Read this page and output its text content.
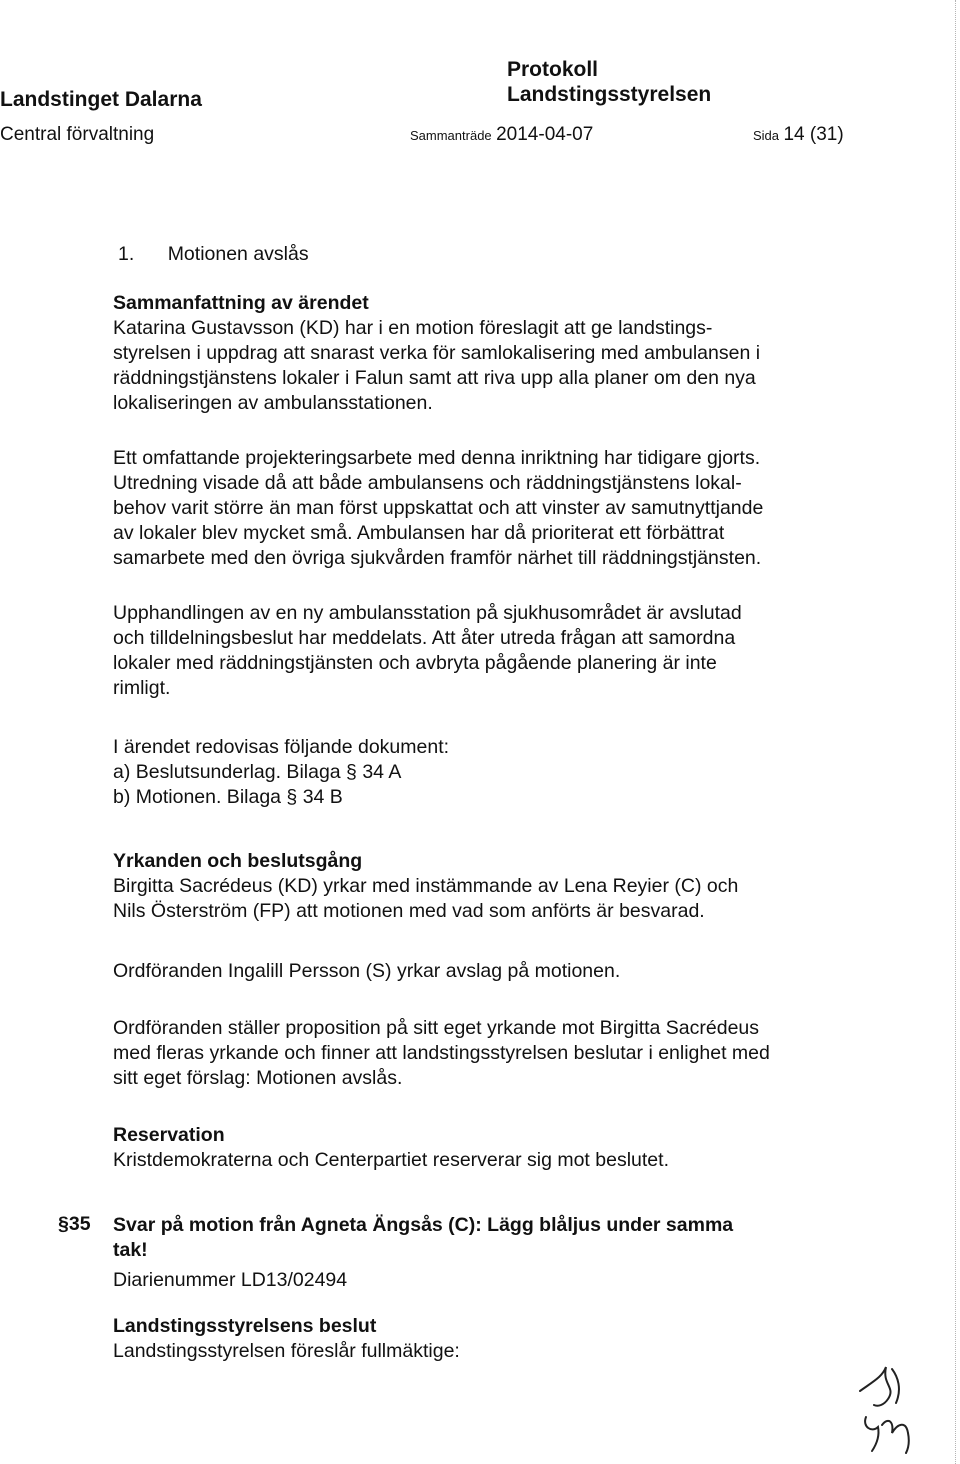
Landstinget Dalarna
Central förvaltning
Protokoll
Landstingsstyrelsen
Sammanträde 2014-04-07	Sida 14 (31)
1. Motionen avslås
Sammanfattning av ärendet
Katarina Gustavsson (KD) har i en motion föreslagit att ge landstings-
styrelsen i uppdrag att snarast verka för samlokalisering med ambulansen i
räddningstjänstens lokaler i Falun samt att riva upp alla planer om den nya
lokaliseringen av ambulansstationen.
Ett omfattande projekteringsarbete med denna inriktning har tidigare gjorts.
Utredning visade då att både ambulansens och räddningstjänstens lokal-
behov varit större än man först uppskattat och att vinster av samutnyttjande
av lokaler blev mycket små. Ambulansen har då prioriterat ett förbättrat
samarbete med den övriga sjukvården framför närhet till räddningstjänsten.
Upphandlingen av en ny ambulansstation på sjukhusområdet är avslutad
och tilldelningsbeslut har meddelats. Att åter utreda frågan att samordna
lokaler med räddningstjänsten och avbryta pågående planering är inte
rimligt.
I ärendet redovisas följande dokument:
a) Beslutsunderlag. Bilaga § 34 A
b) Motionen. Bilaga § 34 B
Yrkanden och beslutsgång
Birgitta Sacrédeus (KD) yrkar med instämmande av Lena Reyier (C) och
Nils Österström (FP) att motionen med vad som anförts är besvarad.
Ordföranden Ingalill Persson (S) yrkar avslag på motionen.
Ordföranden ställer proposition på sitt eget yrkande mot Birgitta Sacrédeus
med fleras yrkande och finner att landstingsstyrelsen beslutar i enlighet med
sitt eget förslag: Motionen avslås.
Reservation
Kristdemokraterna och Centerpartiet reserverar sig mot beslutet.
§35 Svar på motion från Agneta Ängsås (C): Lägg blåljus under samma
tak!
Diarienummer LD13/02494
Landstingsstyrelsens beslut
Landstingsstyrelsen föreslår fullmäktige:
